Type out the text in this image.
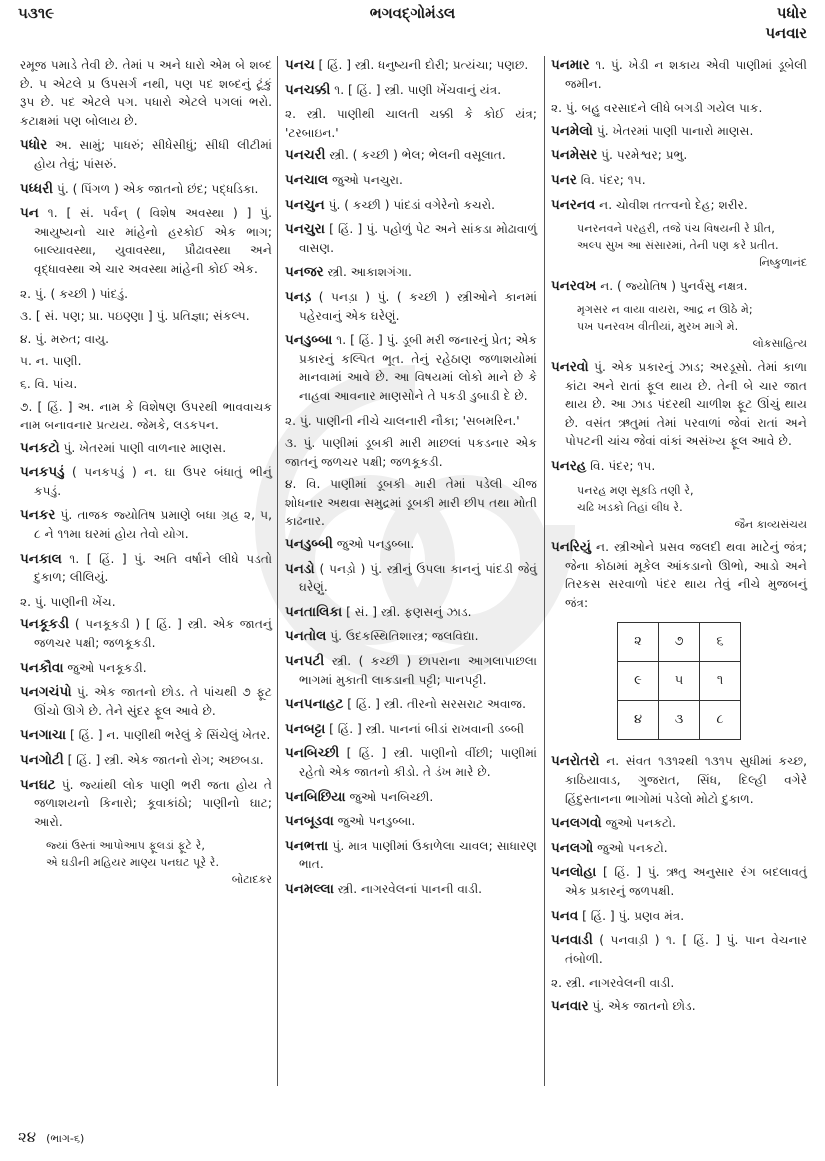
૫૩૧૯	ભગવદ્ગોમંડલ	પધોર
પનવાર
રમૂજ પમાડે તેવી છે. તેમાં પ અને ધારો એમ બે શબ્દ છે. પ એટલે પ્ર ઉપસર્ગ નથી, પણ પદ શબ્દનું ટૂંકું રૂપ છે. પદ એટલે પગ. પધારો એટલે પગલાં ભરો. કટાક્ષમાં પણ બોલાય છે.
પધોર અ. સામું; પાધરું; સીધેસીધું; સીધી લીટીમાં હોય તેવું; પાંસરું.
પધ્ધરી પું. ( પિંગળ ) એક જાતનો છંદ; પદ્ધડિકા.
પન ૧. [ સં. પર્વન્ ( વિશેષ અવસ્થા ) ] પું. આયુષ્યનો ચાર માંહેનો હરકોઈ એક ભાગ; બાલ્યાવસ્થા, યુવાવસ્થા, પ્રૌઢાવસ્થા અને વૃદ્ધાવસ્થા એ ચાર અવસ્થા માંહેની કોઈ એક.
૨. પું. ( કચ્છી ) પાંદડું.
૩. [ સં. પણ; પ્રા. પઇણ્ણા ] પું. પ્રતિજ્ઞા; સંકલ્પ.
૪. પું. મરુત; વાયુ.
૫. ન. પાણી.
૬. વિ. પાંચ.
૭. [ હિં. ] અ. નામ કે વિશેષણ ઉપરથી ભાવવાચક નામ બનાવનાર પ્રત્યય. જેમકે, લડકપન.
પનકટો પું. ખેતરમાં પાણી વાળનાર માણસ.
પનકપડું ( પનકપડું ) ન. ઘા ઉપર બંધાતું ભીનું કપડું.
પનકર પું. તાજક જ્યોતિષ પ્રમાણે બધા ગ્રહ ૨, ૫, ૮ ને ૧૧મા ઘરમાં હોય તેવો યોગ.
પનકાલ ૧. [ હિં. ] પું. અતિ વર્ષાને લીધે પડતો દુકાળ; લીલિયું.
૨. પું. પાણીની ખેંચ.
પનકૂકડી ( પનકૂકડી ) [ હિં. ] સ્ત્રી. એક જાતનું જળચર પક્ષી; જળકૂકડી.
પનકૌવા જુઓ પનકૂકડી.
પનગચંપો પું. એક જાતનો છોડ. તે પાંચથી ૭ ફૂટ ઊંચો ઊગે છે. તેને સુંદર ફૂલ આવે છે.
પનગાચા [ હિં. ] ન. પાણીથી ભરેલું કે સિંચેલું ખેતર.
પનગોટી [ હિં. ] સ્ત્રી. એક જાતનો રોગ; અછબડા.
પનઘટ પું. જ્યાંથી લોક પાણી ભરી જતા હોય તે જળાશયનો કિનારો; કૂવાકાંઠો; પાણીનો ઘાટ; આરો.
જ્યાં ઉસ્તાં આપોઆપ ફૂલડાં ફૂટે રે,
એ ઘડીની મહિયર માણ્ય પનઘટ પૂરે રે.
બોટાદકર
પનચ [ હિં. ] સ્ત્રી. ધનુષ્યની દોરી; પ્રત્યંચા; પણછ.
પનચક્કી ૧. [ હિં. ] સ્ત્રી. પાણી ખેંચવાનું યંત્ર.
૨. સ્ત્રી. પાણીથી ચાલતી ચક્કી કે કોઈ યંત્ર; 'ટરબાઇન.'
પનચરી સ્ત્રી. ( કચ્છી ) ભેલ; ભેલની વસૂલાત.
પનચાલ જુઓ પનચુરા.
પનચુન પું. ( કચ્છી ) પાંદડાં વગેરેનો કચરો.
પનચુરા [ હિં. ] પું. પહોળું પેટ અને સાંકડા મોઢાવાળું વાસણ.
પનજર સ્ત્રી. આકાશગંગા.
પનડ઼ ( પનડ઼ા ) પું. ( કચ્છી ) સ્ત્રીઓને કાનમાં પહેરવાનું એક ઘરેણું.
પનડુબ્બા ૧. [ હિં. ] પું. ડૂબી મરી જનારનું પ્રેત; એક પ્રકારનું કલ્પિત ભૂત. તેનું રહેઠાણ જળાશયોમાં માનવામાં આવે છે. આ વિષયમાં લોકો માને છે કે નાહવા આવનાર માણસોને તે પકડી ડુબાડી દે છે.
૨. પું. પાણીની નીચે ચાલનારી નૌકા; 'સબમરિન.'
૩. પું. પાણીમાં ડૂબકી મારી માછલાં પકડનાર એક જાતનું જળચર પક્ષી; જળકૂકડી.
૪. વિ. પાણીમાં ડૂબકી મારી તેમાં પડેલી ચીજ શોધનાર અથવા સમુદ્રમાં ડૂબકી મારી છીપ તથા મોતી કાઢનાર.
પનડુબ્બી જુઓ પનડુબ્બા.
પનડો ( પનડ઼ો ) પું. સ્ત્રીનું ઉપલા કાનનું પાંદડી જેવું ઘરેણું.
પનતાલિકા [ સં. ] સ્ત્રી. ફણસનું ઝાડ.
પનતોલ પું. ઉદકસ્થિતિશાસ્ત્ર; જલવિદ્યા.
પનપટી સ્ત્રી. ( કચ્છી ) છાપરાના આગલાપાછલા ભાગમાં મુકાતી લાકડાની પટ્ટી; પાનપટ્ટી.
પનપનાહટ [ હિં. ] સ્ત્રી. તીરનો સરસરાટ અવાજ.
પનબટ્ટા [ હિં. ] સ્ત્રી. પાનનાં બીડાં રાખવાની ડબ્બી
પનબિચ્છી [ હિં. ] સ્ત્રી. પાણીનો વીંછી; પાણીમાં રહેતો એક જાતનો કીડો. તે ડંખ મારે છે.
પનબિછિયા જુઓ પનબિચ્છી.
પનબૂડવા જુઓ પનડુબ્બા.
પનભત્તા પું. માત્ર પાણીમાં ઉકાળેલા ચાવલ; સાધારણ ભાત.
પનમલ્લા સ્ત્રી. નાગરવેલનાં પાનની વાડી.
પનમાર ૧. પું. ખેડી ન શકાય એવી પાણીમાં ડૂબેલી જમીન.
૨. પું. બહુ વરસાદને લીધે બગડી ગયેલ પાક.
પનમેલો પું. ખેતરમાં પાણી પાનારો માણસ.
પનમેસર પું. પરમેશ્વર; પ્રભુ.
પનર વિ. પંદર; ૧૫.
પનરનવ ન. ચોવીશ તત્ત્વનો દેહ; શરીર.
પનરનવને પરહરી, તજે પંચ વિષયની રે પ્રીત,
અલ્પ સુખ આ સંસારમાં, તેની પણ કરે પ્રતીત.
નિષ્કુળાનંદ
પનરવખ ન. ( જ્યોતિષ ) પુનર્વસુ નક્ષત્ર.
મૃગસર ન વાયા વાયરા, આદ્ર ન ઊઠે મે;
પખ પનરવખ વીતીયાં, મુરખ માગે મે.
લોકસાહિત્ય
પનરવો પું. એક પ્રકારનું ઝાડ; અરડૂસો. તેમાં કાળા કાંટા અને રાતાં ફૂલ થાય છે. તેની બે ચાર જાત થાય છે. આ ઝાડ પંદરથી ચાળીશ ફૂટ ઊંચું થાય છે. વસંત ઋતુમાં તેમાં પરવાળાં જેવાં રાતાં અને પોપટની ચાંચ જેવાં વાંકાં અસંખ્ય ફૂલ આવે છે.
પનરહ વિ. પંદર; ૧૫.
પનરહ મણ સૂકડિ તણી રે,
ચઢિ ખડકો તિહાં લીધ રે.
જૈન કાવ્યસંચય
પનરિયું ન. સ્ત્રીઓને પ્રસવ જલદી થવા માટેનું જંત્ર; જેના કોઠામાં મૂકેલ આંકડાનો ઊભો, આડો અને તિરકસ સરવાળો પંદર થાય તેવું નીચે મુજબનું જંત્ર:
૨	૭	૬
૯	૫	૧
૪	૩	૮
પનરોતરો ન. સંવત ૧૩૧૨થી ૧૩૧૫ સુધીમાં કચ્છ, કાઠિયાવાડ, ગુજરાત, સિંધ, દિલ્હી વગેરે હિંદુસ્તાનના ભાગોમાં પડેલો મોટો દુકાળ.
પનલગવો જુઓ પનકટો.
પનલગો જુઓ પનકટો.
પનલોહા [ હિં. ] પું. ઋતુ અનુસાર રંગ બદલાવતું એક પ્રકારનું જળપક્ષી.
પનવ [ હિં. ] પું. પ્રણવ મંત્ર.
પનવાડી ( પનવાડ઼ી ) ૧. [ હિં. ] પું. પાન વેચનાર તંબોળી.
૨. સ્ત્રી. નાગરવેલની વાડી.
પનવાર પું. એક જાતનો છોડ.
૨૪ (ભાગ-૬)
